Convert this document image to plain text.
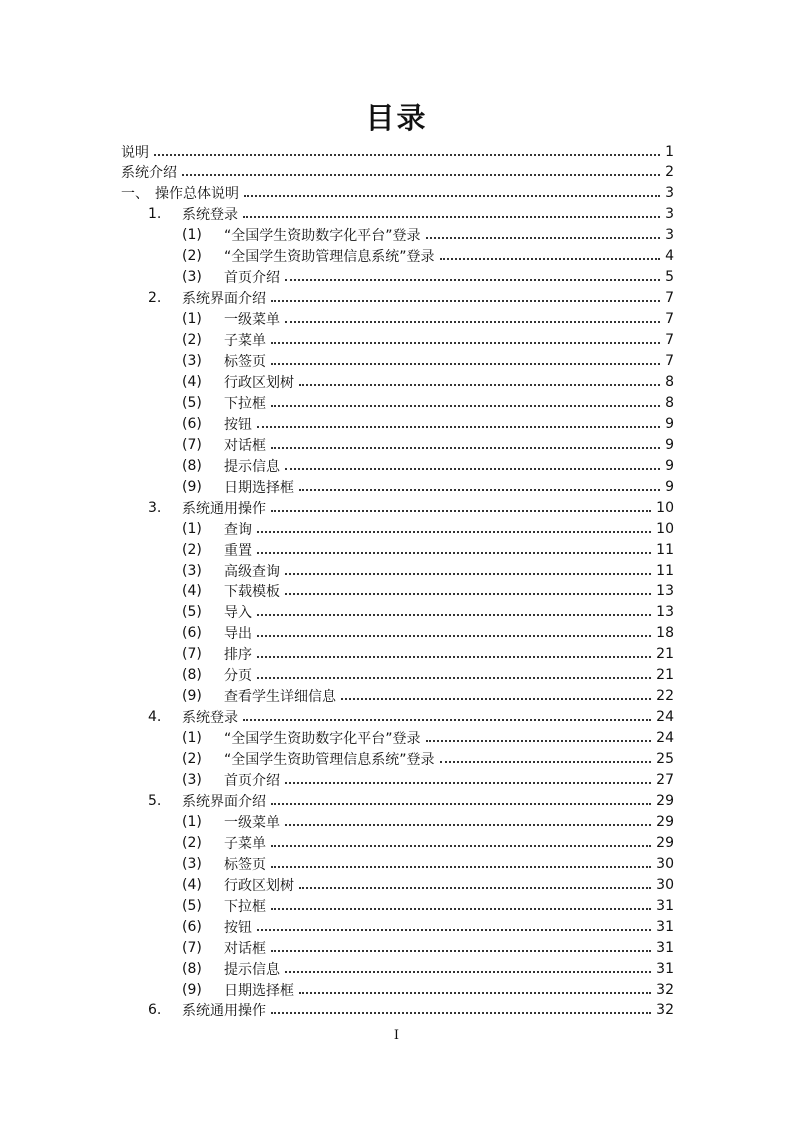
目录
说明	1
系统介绍	2
一、 操作总体说明	3
1.	系统登录	3
(1)	“全国学生资助数字化平台”登录	3
(2)	“全国学生资助管理信息系统”登录	4
(3)	首页介绍	5
2.	系统界面介绍	7
(1)	一级菜单	7
(2)	子菜单	7
(3)	标签页	7
(4)	行政区划树	8
(5)	下拉框	8
(6)	按钮	9
(7)	对话框	9
(8)	提示信息	9
(9)	日期选择框	9
3.	系统通用操作	10
(1)	查询	10
(2)	重置	11
(3)	高级查询	11
(4)	下载模板	13
(5)	导入	13
(6)	导出	18
(7)	排序	21
(8)	分页	21
(9)	查看学生详细信息	22
4.	系统登录	24
(1)	“全国学生资助数字化平台”登录	24
(2)	“全国学生资助管理信息系统”登录	25
(3)	首页介绍	27
5.	系统界面介绍	29
(1)	一级菜单	29
(2)	子菜单	29
(3)	标签页	30
(4)	行政区划树	30
(5)	下拉框	31
(6)	按钮	31
(7)	对话框	31
(8)	提示信息	31
(9)	日期选择框	32
6.	系统通用操作	32

I
